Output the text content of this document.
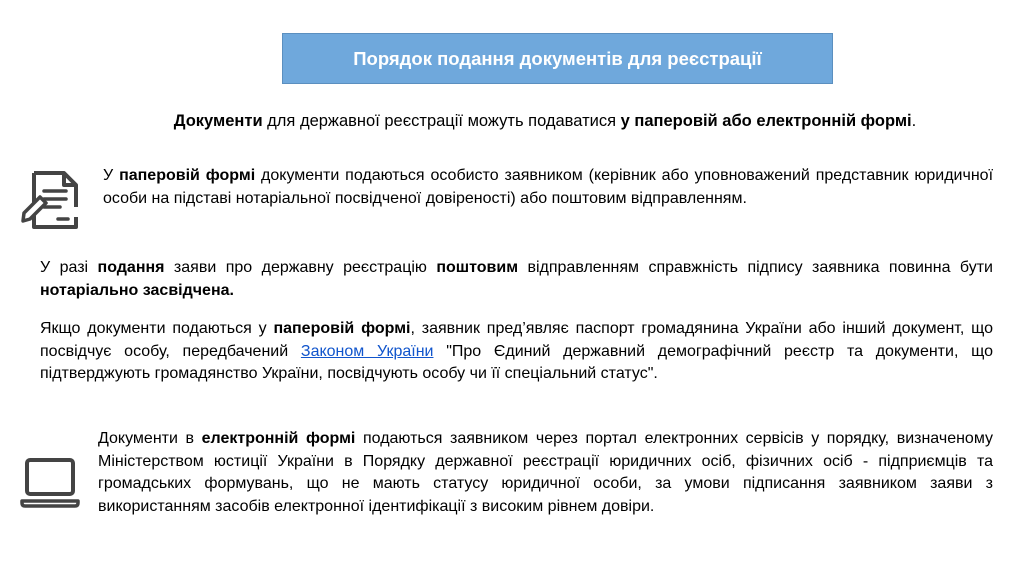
Порядок подання документів для реєстрації

Документи для державної реєстрації можуть подаватися у паперовій або електронній формі.

У паперовій формі документи подаються особисто заявником (керівник або уповноважений представник юридичної особи на підставі нотаріальної посвідченої довіреності) або поштовим відправленням.

У разі подання заяви про державну реєстрацію поштовим відправленням справжність підпису заявника повинна бути нотаріально засвідчена.

Якщо документи подаються у паперовій формі, заявник пред’являє паспорт громадянина України або інший документ, що посвідчує особу, передбачений Законом України "Про Єдиний державний демографічний реєстр та документи, що підтверджують громадянство України, посвідчують особу чи її спеціальний статус".

Документи в електронній формі подаються заявником через портал електронних сервісів у порядку, визначеному Міністерством юстиції України в Порядку державної реєстрації юридичних осіб, фізичних осіб - підприємців та громадських формувань, що не мають статусу юридичної особи, за умови підписання заявником заяви з використанням засобів електронної ідентифікації з високим рівнем довіри.
